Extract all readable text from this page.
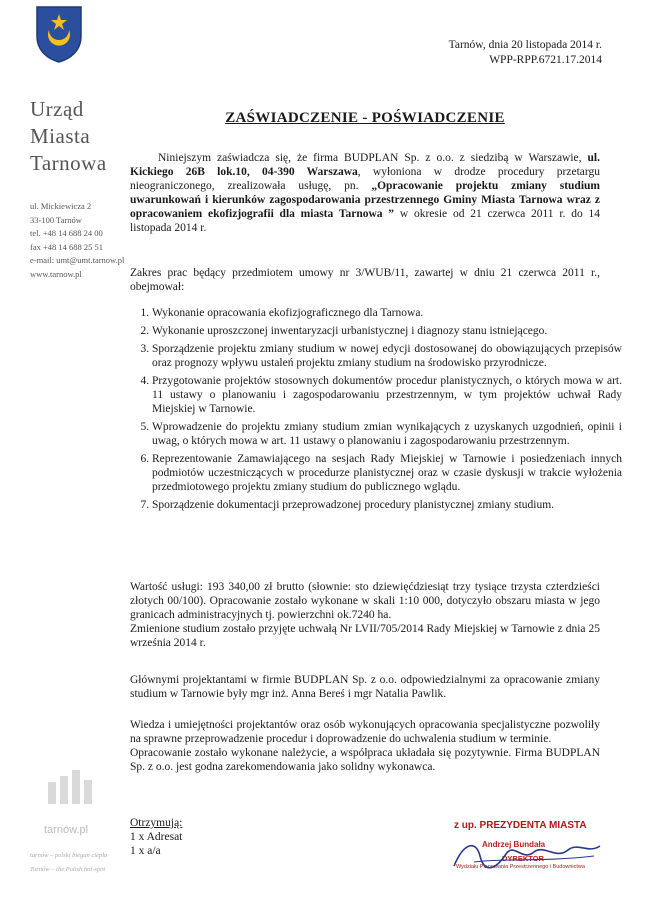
Urząd
Miasta
Tarnowa
ul. Mickiewicza 2
33-100 Tarnów
tel. +48 14 688 24 00
fax +48 14 688 25 51
e-mail: umt@umt.tarnow.pl
www.tarnow.pl
tarnów.pl
tarnów – polski biegun ciepła
Tarnów – the Polish hot-spot
Tarnów, dnia 20 listopada 2014 r.
WPP-RPP.6721.17.2014
ZAŚWIADCZENIE - POŚWIADCZENIE
Niniejszym zaświadcza się, że firma BUDPLAN Sp. z o.o. z siedzibą w Warszawie, ul. Kickiego 26B lok.10, 04-390 Warszawa, wyłoniona w drodze procedury przetargu nieograniczonego, zrealizowała usługę, pn. „Opracowanie projektu zmiany studium uwarunkowań i kierunków zagospodarowania przestrzennego Gminy Miasta Tarnowa wraz z opracowaniem ekofizjografii dla miasta Tarnowa ” w okresie od 21 czerwca 2011 r. do 14 listopada 2014 r.
Zakres prac będący przedmiotem umowy nr 3/WUB/11, zawartej w dniu 21 czerwca 2011 r., obejmował:
1. Wykonanie opracowania ekofizjograficznego dla Tarnowa.
2. Wykonanie uproszczonej inwentaryzacji urbanistycznej i diagnozy stanu istniejącego.
3. Sporządzenie projektu zmiany studium w nowej edycji dostosowanej do obowiązujących przepisów oraz prognozy wpływu ustaleń projektu zmiany studium na środowisko przyrodnicze.
4. Przygotowanie projektów stosownych dokumentów procedur planistycznych, o których mowa w art. 11 ustawy o planowaniu i zagospodarowaniu przestrzennym, w tym projektów uchwał Rady Miejskiej w Tarnowie.
5. Wprowadzenie do projektu zmiany studium zmian wynikających z uzyskanych uzgodnień, opinii i uwag, o których mowa w art. 11 ustawy o planowaniu i zagospodarowaniu przestrzennym.
6. Reprezentowanie Zamawiającego na sesjach Rady Miejskiej w Tarnowie i posiedzeniach innych podmiotów uczestniczących w procedurze planistycznej oraz w czasie dyskusji w trakcie wyłożenia przedmiotowego projektu zmiany studium do publicznego wglądu.
7. Sporządzenie dokumentacji przeprowadzonej procedury planistycznej zmiany studium.
Wartość usługi: 193 340,00 zł brutto (słownie: sto dziewięćdziesiąt trzy tysiące trzysta czterdzieści złotych 00/100). Opracowanie zostało wykonane w skali 1:10 000, dotyczyło obszaru miasta w jego granicach administracyjnych tj. powierzchni ok.7240 ha.
Zmienione studium zostało przyjęte uchwałą Nr LVII/705/2014 Rady Miejskiej w Tarnowie z dnia 25 września 2014 r.
Głównymi projektantami w firmie BUDPLAN Sp. z o.o. odpowiedzialnymi za opracowanie zmiany studium w Tarnowie były mgr inż. Anna Bereś i mgr Natalia Pawlik.
Wiedza i umiejętności projektantów oraz osób wykonujących opracowania specjalistyczne pozwoliły na sprawne przeprowadzenie procedur i doprowadzenie do uchwalenia studium w terminie.
Opracowanie zostało wykonane należycie, a współpraca układała się pozytywnie. Firma BUDPLAN Sp. z o.o. jest godna zarekomendowania jako solidny wykonawca.
Otrzymują:
1 x Adresat
1 x a/a
z up. PREZYDENTA MIASTA
Andrzej Bundała
DYREKTOR
Wydziału Planowania Przestrzennego i Budownictwa
